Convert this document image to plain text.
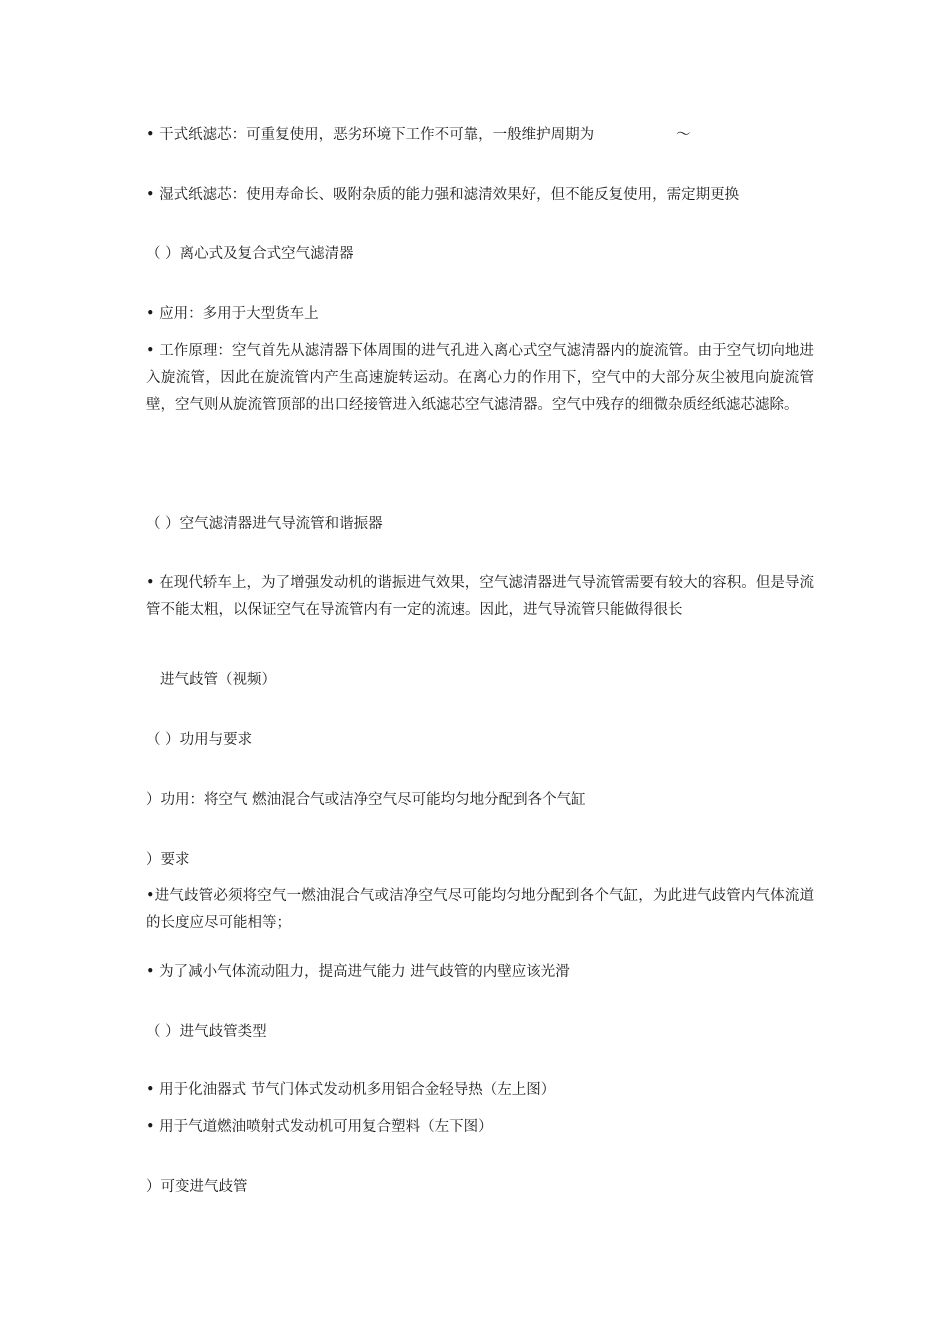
• 干式纸滤芯：可重复使用，恶劣环境下工作不可靠，一般维护周期为	～
• 湿式纸滤芯：使用寿命长、吸附杂质的能力强和滤清效果好，但不能反复使用，需定期更换
（ ）离心式及复合式空气滤清器
• 应用：多用于大型货车上
• 工作原理：空气首先从滤清器下体周围的进气孔进入离心式空气滤清器内的旋流管。由于空气切向地进入旋流管，因此在旋流管内产生高速旋转运动。在离心力的作用下，空气中的大部分灰尘被甩向旋流管壁，空气则从旋流管顶部的出口经接管进入纸滤芯空气滤清器。空气中残存的细微杂质经纸滤芯滤除。
（ ）空气滤清器进气导流管和谐振器
• 在现代轿车上，为了增强发动机的谐振进气效果，空气滤清器进气导流管需要有较大的容积。但是导流管不能太粗，以保证空气在导流管内有一定的流速。因此，进气导流管只能做得很长
进气歧管（视频）
（ ）功用与要求
）功用：将空气 燃油混合气或洁净空气尽可能均匀地分配到各个气缸
）要求
•进气歧管必须将空气一燃油混合气或洁净空气尽可能均匀地分配到各个气缸，为此进气歧管内气体流道的长度应尽可能相等；
• 为了减小气体流动阻力，提高进气能力 进气歧管的内壁应该光滑
（ ）进气歧管类型
• 用于化油器式 节气门体式发动机多用铝合金轻导热（左上图）
• 用于气道燃油喷射式发动机可用复合塑料（左下图）
）可变进气歧管
